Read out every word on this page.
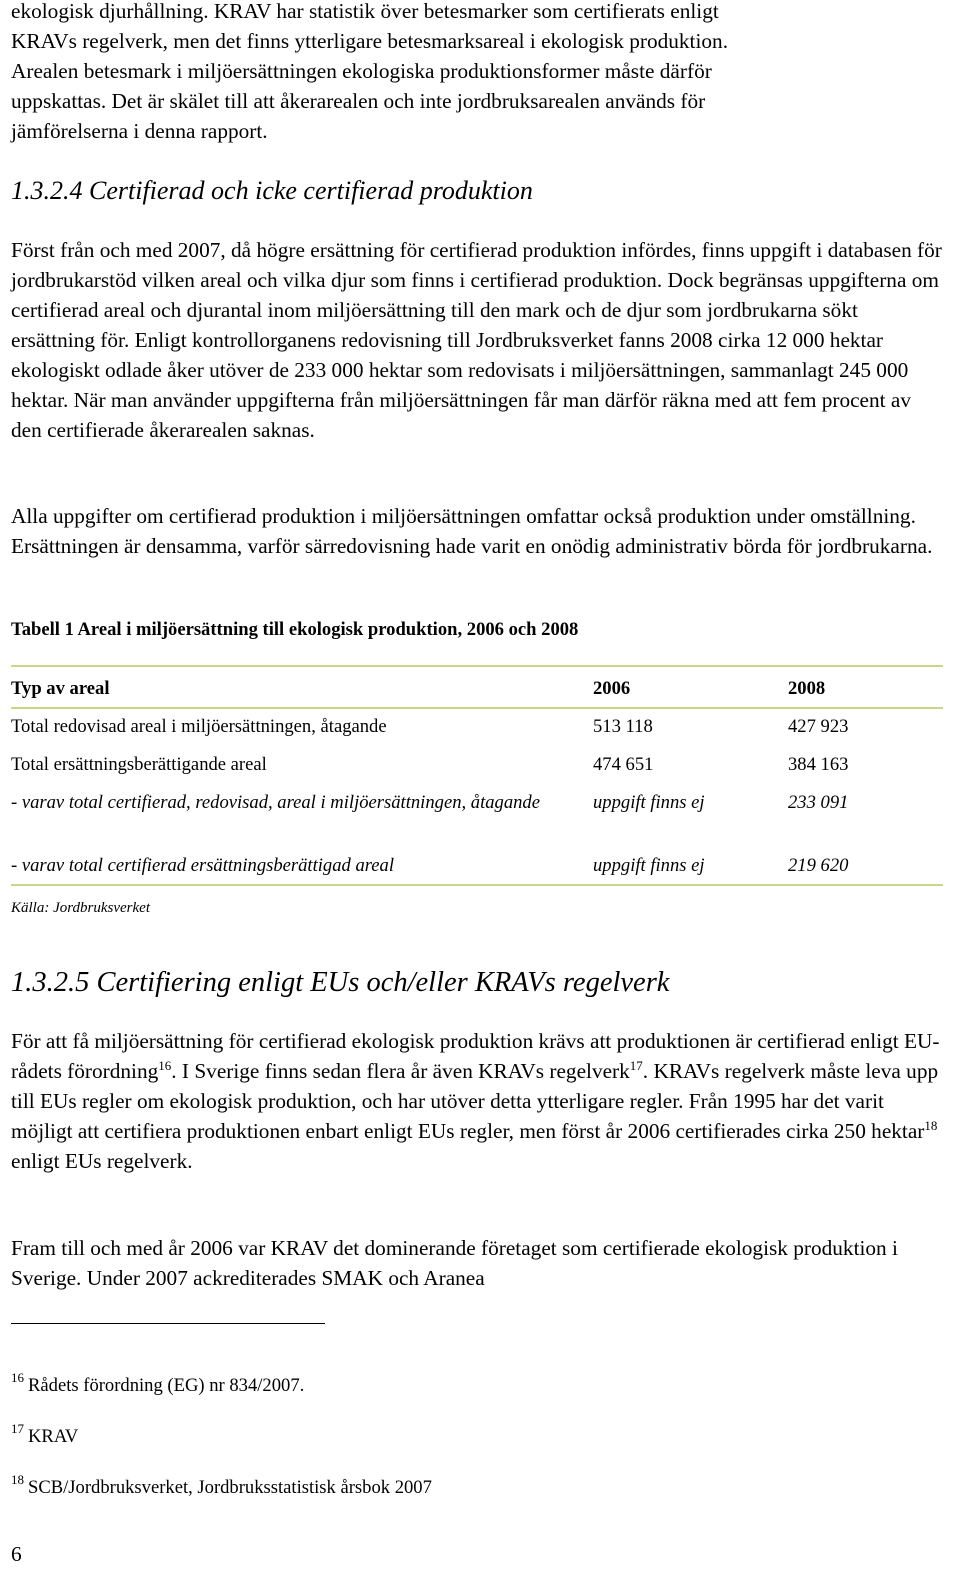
ekologisk djurhållning. KRAV har statistik över betesmarker som certifierats enligt
KRAVs regelverk, men det finns ytterligare betesmarksareal i ekologisk produktion.
Arealen betesmark i miljöersättningen ekologiska produktionsformer måste därför
uppskattas. Det är skälet till att åkerarealen och inte jordbruksarealen används för
jämförelserna i denna rapport.

1.3.2.4 Certifierad och icke certifierad produktion

Först från och med 2007, då högre ersättning för certifierad produktion infördes, finns uppgift i databasen för jordbrukarstöd vilken areal och vilka djur som finns i certifierad produktion. Dock begränsas uppgifterna om certifierad areal och djurantal inom miljöersättning till den mark och de djur som jordbrukarna sökt ersättning för. Enligt kontrollorganens redovisning till Jordbruksverket fanns 2008 cirka 12 000 hektar ekologiskt odlade åker utöver de 233 000 hektar som redovisats i miljöersättningen, sammanlagt 245 000 hektar. När man använder uppgifterna från miljöersättningen får man därför räkna med att fem procent av den certifierade åkerarealen saknas.

Alla uppgifter om certifierad produktion i miljöersättningen omfattar också produktion under omställning. Ersättningen är densamma, varför särredovisning hade varit en onödig administrativ börda för jordbrukarna.

Tabell 1 Areal i miljöersättning till ekologisk produktion, 2006 och 2008

Typ av areal	2006	2008
Total redovisad areal i miljöersättningen, åtagande	513 118	427 923
Total ersättningsberättigande areal	474 651	384 163
- varav total certifierad, redovisad, areal i miljöersättningen, åtagande	uppgift finns ej	233 091
- varav total certifierad ersättningsberättigad areal	uppgift finns ej	219 620

Källa: Jordbruksverket

1.3.2.5 Certifiering enligt EUs och/eller KRAVs regelverk

För att få miljöersättning för certifierad ekologisk produktion krävs att produktionen är certifierad enligt EU-rådets förordning$^{16}$. I Sverige finns sedan flera år även KRAVs regelverk$^{17}$. KRAVs regelverk måste leva upp till EUs regler om ekologisk produktion, och har utöver detta ytterligare regler. Från 1995 har det varit möjligt att certifiera produktionen enbart enligt EUs regler, men först år 2006 certifierades cirka 250 hektar$^{18}$ enligt EUs regelverk.

Fram till och med år 2006 var KRAV det dominerande företaget som certifierade ekologisk produktion i Sverige. Under 2007 ackrediterades SMAK och Aranea

$^{16}$ Rådets förordning (EG) nr 834/2007.

$^{17}$ KRAV

$^{18}$ SCB/Jordbruksverket, Jordbruksstatistisk årsbok 2007

6
